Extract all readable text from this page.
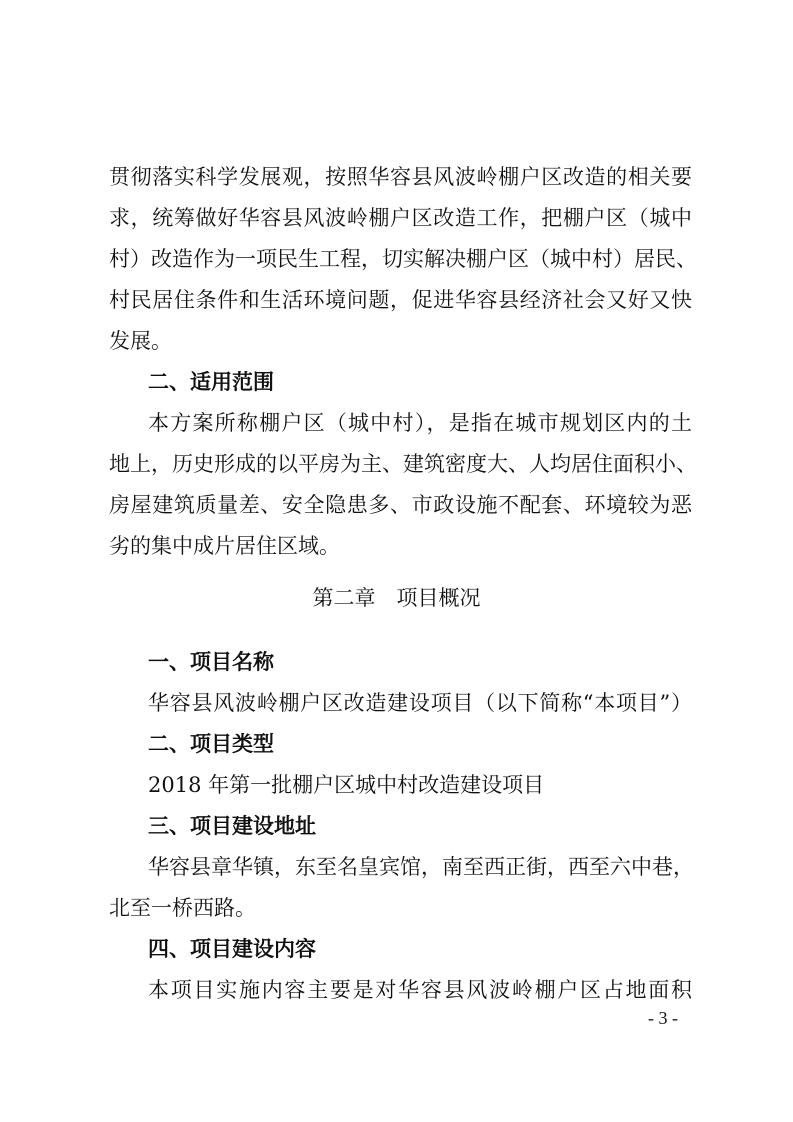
贯彻落实科学发展观，按照华容县风波岭棚户区改造的相关要
求，统筹做好华容县风波岭棚户区改造工作，把棚户区（城中
村）改造作为一项民生工程，切实解决棚户区（城中村）居民、
村民居住条件和生活环境问题，促进华容县经济社会又好又快
发展。
二、适用范围
本方案所称棚户区（城中村），是指在城市规划区内的土
地上，历史形成的以平房为主、建筑密度大、人均居住面积小、
房屋建筑质量差、安全隐患多、市政设施不配套、环境较为恶
劣的集中成片居住区域。
第二章　项目概况
一、项目名称
华容县风波岭棚户区改造建设项目（以下简称“本项目”）
二、项目类型
2018 年第一批棚户区城中村改造建设项目
三、项目建设地址
华容县章华镇，东至名皇宾馆，南至西正街，西至六中巷，
北至一桥西路。
四、项目建设内容
本项目实施内容主要是对华容县风波岭棚户区占地面积
- 3 -
